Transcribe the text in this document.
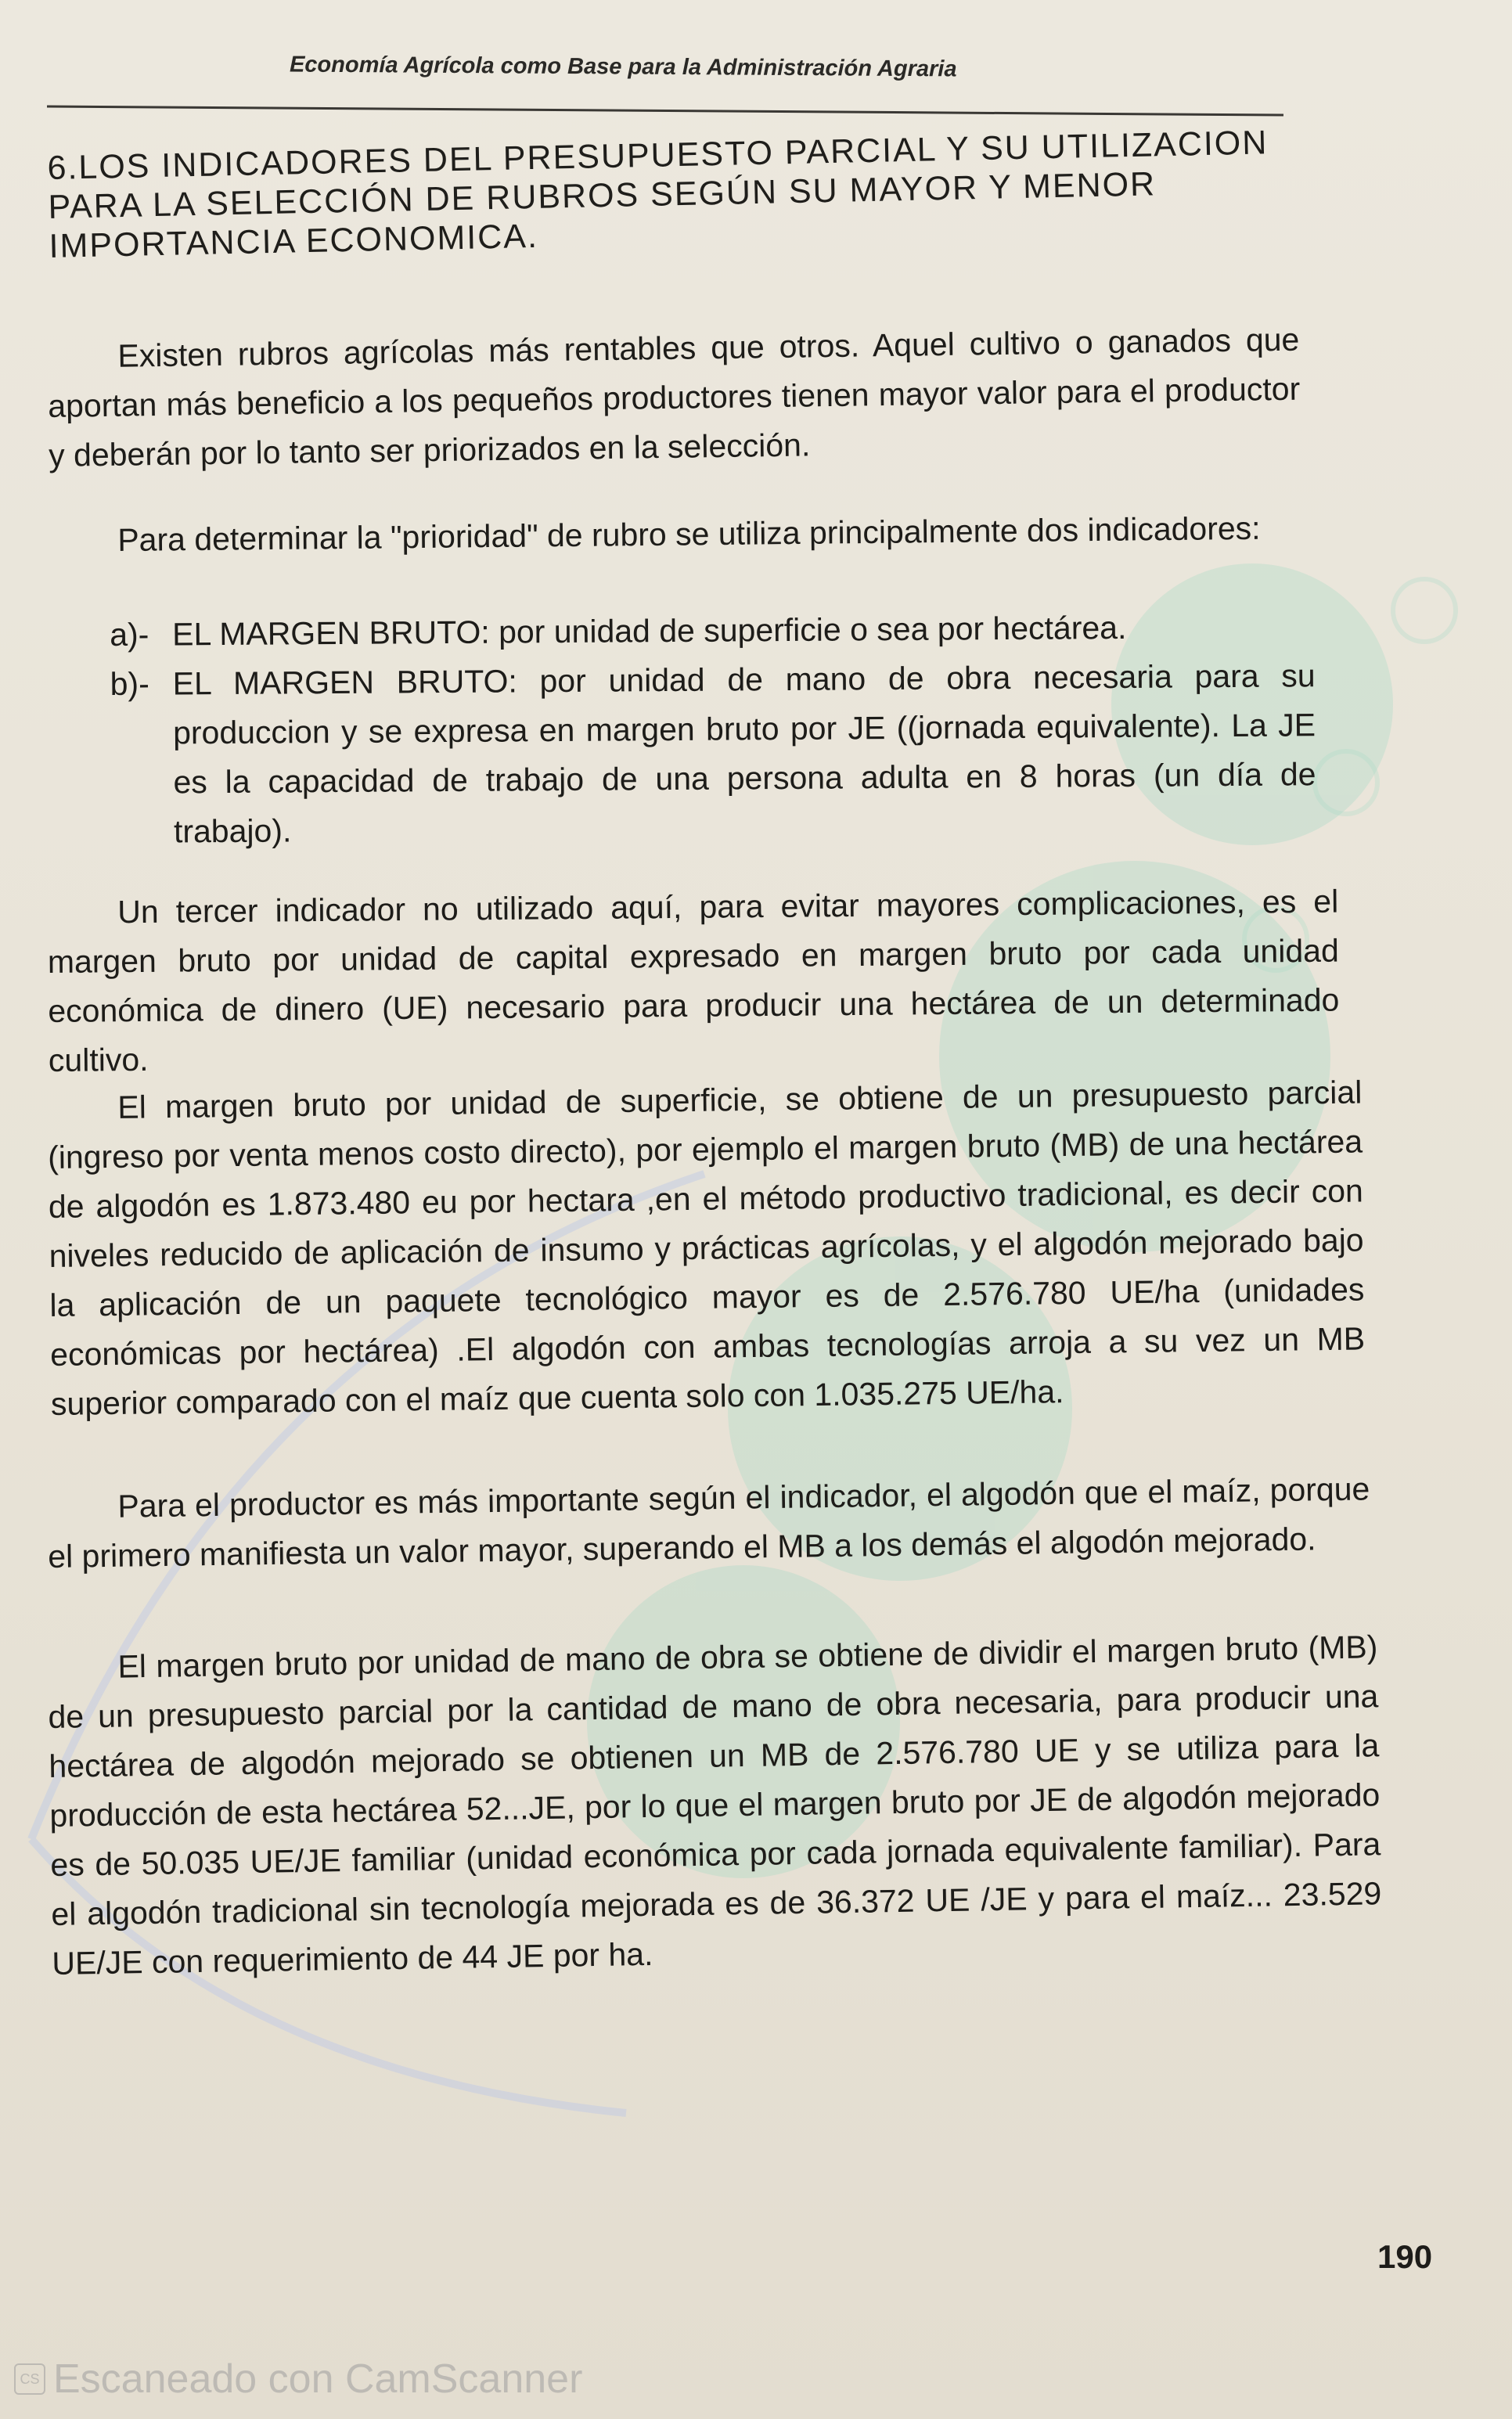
Economía Agrícola como Base para la Administración Agraria
6.LOS INDICADORES DEL PRESUPUESTO PARCIAL Y SU UTILIZACION PARA LA SELECCIÓN DE RUBROS SEGÚN SU MAYOR Y MENOR IMPORTANCIA ECONOMICA.
Existen rubros agrícolas más rentables que otros. Aquel cultivo o ganados que aportan más beneficio a los pequeños productores tienen mayor valor para el productor y deberán por lo tanto ser priorizados en la selección.
Para determinar la "prioridad" de rubro se utiliza principalmente dos indicadores:
a)- EL MARGEN BRUTO: por unidad de superficie o sea por hectárea.
b)- EL MARGEN BRUTO: por unidad de mano de obra necesaria para su produccion y se expresa en margen bruto por JE ((jornada equivalente). La JE es la capacidad de trabajo de una persona adulta en 8 horas (un día de trabajo).
Un tercer indicador no utilizado aquí, para evitar mayores complicaciones, es el margen bruto por unidad de capital expresado en margen bruto por cada unidad económica de dinero (UE) necesario para producir una hectárea de un determinado cultivo.
El margen bruto por unidad de superficie, se obtiene de un presupuesto parcial (ingreso por venta menos costo directo), por ejemplo el margen bruto (MB) de una hectárea de algodón es 1.873.480 eu por hectara ,en el método productivo tradicional, es decir con niveles reducido de aplicación de insumo y prácticas agrícolas, y el algodón mejorado bajo la aplicación de un paquete tecnológico mayor es de 2.576.780 UE/ha (unidades económicas por hectárea) .El algodón con ambas tecnologías arroja a su vez un MB superior comparado con el maíz que cuenta solo con 1.035.275 UE/ha.
Para el productor es más importante según el indicador, el algodón que el maíz, porque el primero manifiesta un valor mayor, superando el MB a los demás el algodón mejorado.
El margen bruto por unidad de mano de obra se obtiene de dividir el margen bruto (MB) de un presupuesto parcial por la cantidad de mano de obra necesaria, para producir una hectárea de algodón mejorado se obtienen un MB de 2.576.780 UE y se utiliza para la producción de esta hectárea 52...JE, por lo que el margen bruto por JE de algodón mejorado es de 50.035 UE/JE familiar (unidad económica por cada jornada equivalente familiar). Para el algodón tradicional sin tecnología mejorada es de 36.372 UE /JE y para el maíz... 23.529 UE/JE con requerimiento de 44 JE por ha.
190
CS Escaneado con CamScanner
